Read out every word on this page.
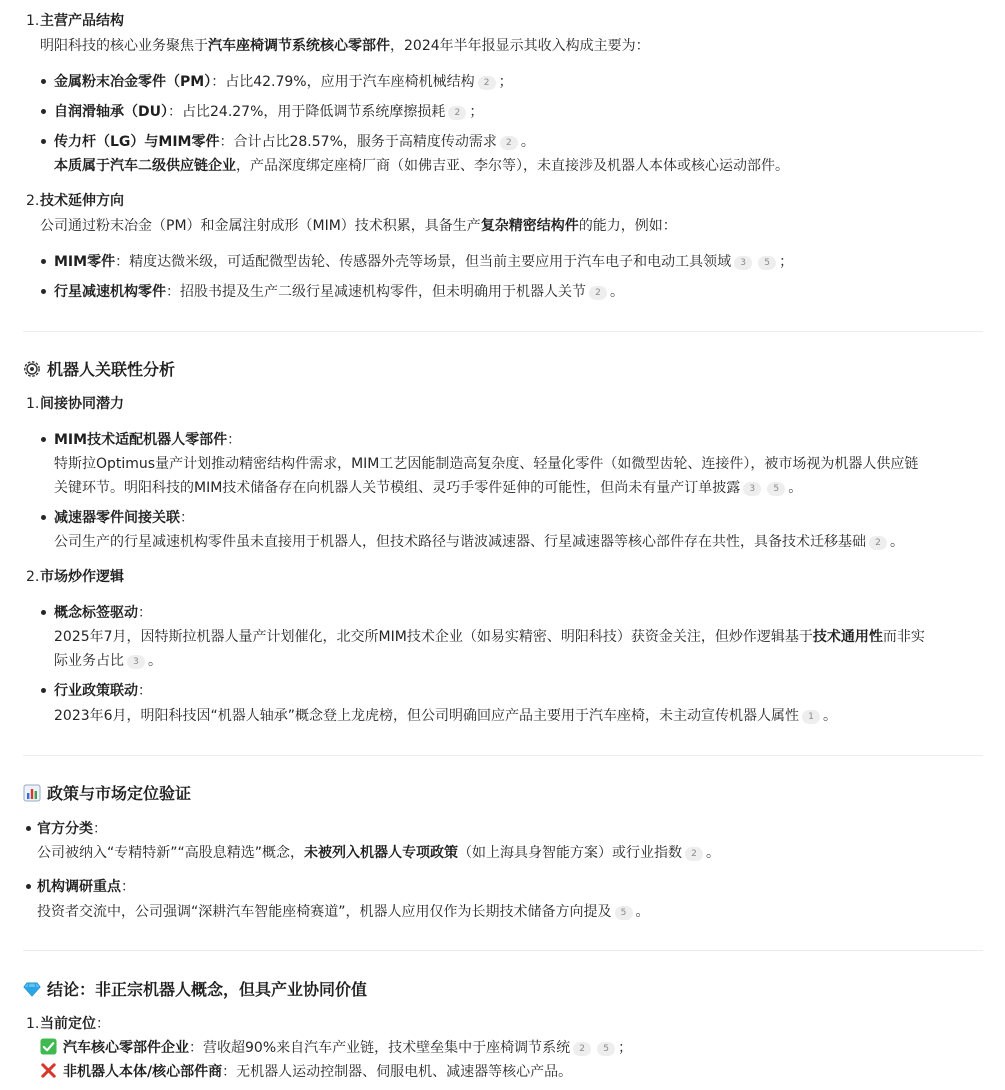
1. 主营产品结构
明阳科技的核心业务聚焦于汽车座椅调节系统核心零部件，2024年半年报显示其收入构成主要为：
金属粉末冶金零件（PM）：占比42.79%，应用于汽车座椅机械结构 2 ；
自润滑轴承（DU）：占比24.27%，用于降低调节系统摩擦损耗 2 ；
传力杆（LG）与MIM零件：合计占比28.57%，服务于高精度传动需求 2 。
本质属于汽车二级供应链企业，产品深度绑定座椅厂商（如佛吉亚、李尔等），未直接涉及机器人本体或核心运动部件。
2. 技术延伸方向
公司通过粉末冶金（PM）和金属注射成形（MIM）技术积累，具备生产复杂精密结构件的能力，例如：
MIM零件：精度达微米级，可适配微型齿轮、传感器外壳等场景，但当前主要应用于汽车电子和电动工具领域 3 5 ；
行星减速机构零件：招股书提及生产二级行星减速机构零件，但未明确用于机器人关节 2 。
机器人关联性分析
1. 间接协同潜力
MIM技术适配机器人零部件：
特斯拉Optimus量产计划推动精密结构件需求，MIM工艺因能制造高复杂度、轻量化零件（如微型齿轮、连接件），被市场视为机器人供应链
关键环节。明阳科技的MIM技术储备存在向机器人关节模组、灵巧手零件延伸的可能性，但尚未有量产订单披露 3 5 。
减速器零件间接关联：
公司生产的行星减速机构零件虽未直接用于机器人，但技术路径与谐波减速器、行星减速器等核心部件存在共性，具备技术迁移基础 2 。
2. 市场炒作逻辑
概念标签驱动：
2025年7月，因特斯拉机器人量产计划催化，北交所MIM技术企业（如易实精密、明阳科技）获资金关注，但炒作逻辑基于技术通用性而非实
际业务占比 3 。
行业政策联动：
2023年6月，明阳科技因“机器人轴承”概念登上龙虎榜，但公司明确回应产品主要用于汽车座椅，未主动宣传机器人属性 1 。
政策与市场定位验证
官方分类：
公司被纳入“专精特新”“高股息精选”概念，未被列入机器人专项政策（如上海具身智能方案）或行业指数 2 。
机构调研重点：
投资者交流中，公司强调“深耕汽车智能座椅赛道”，机器人应用仅作为长期技术储备方向提及 5 。
结论：非正宗机器人概念，但具产业协同价值
1. 当前定位：
汽车核心零部件企业：营收超90%来自汽车产业链，技术壁垒集中于座椅调节系统 2 5 ；
非机器人本体/核心部件商：无机器人运动控制器、伺服电机、减速器等核心产品。
